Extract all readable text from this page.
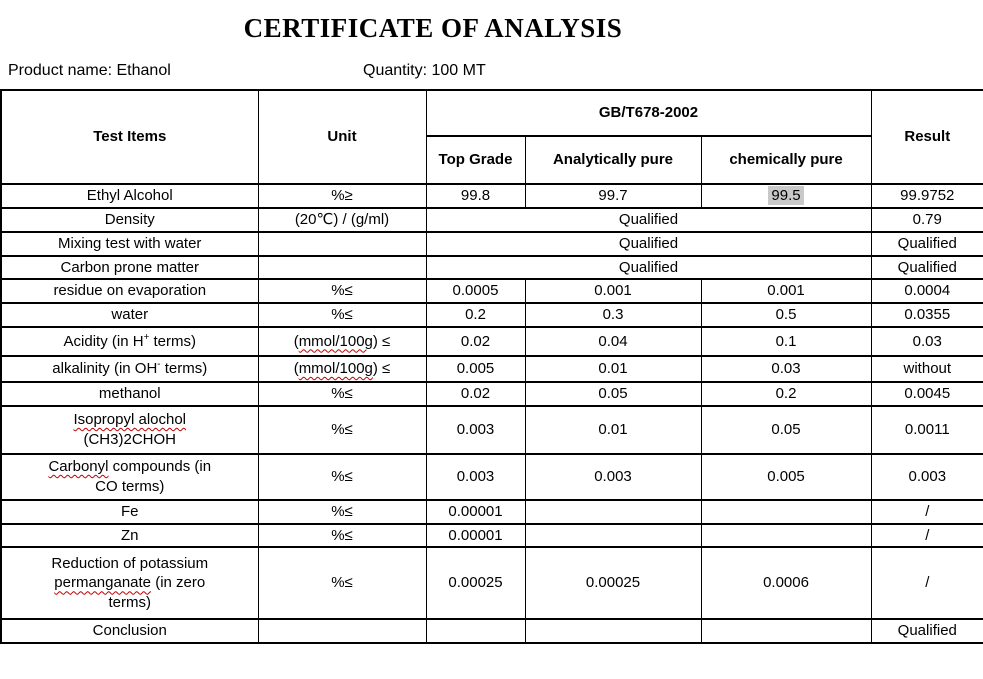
CERTIFICATE OF ANALYSIS
Product name: Ethanol	Quantity: 100 MT
Test Items	Unit	GB/T678-2002			Result
		Top Grade	Analytically pure	chemically pure	
Ethyl Alcohol	%≥	99.8	99.7	99.5	99.9752
Density	(20℃) / (g/ml)	Qualified			0.79
Mixing test with water		Qualified			Qualified
Carbon prone matter		Qualified			Qualified
residue on evaporation	%≤	0.0005	0.001	0.001	0.0004
water	%≤	0.2	0.3	0.5	0.0355
Acidity (in H+ terms)	(mmol/100g) ≤	0.02	0.04	0.1	0.03
alkalinity (in OH- terms)	(mmol/100g) ≤	0.005	0.01	0.03	without
methanol	%≤	0.02	0.05	0.2	0.0045
Isopropyl alochol
(CH3)2CHOH	%≤	0.003	0.01	0.05	0.0011
Carbonyl compounds (in
CO terms)	%≤	0.003	0.003	0.005	0.003
Fe	%≤	0.00001			/
Zn	%≤	0.00001			/
Reduction of potassium
permanganate (in zero
terms)	%≤	0.00025	0.00025	0.0006	/
Conclusion					Qualified
